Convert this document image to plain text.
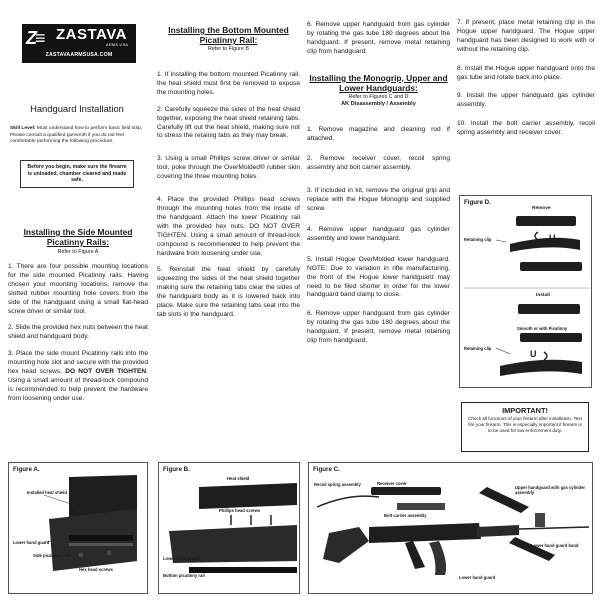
Z≡ ZASTAVA
ARMS USA
ZASTAVAARMSUSA.COM
Handguard Installation
Skill Level: Must understand how to perform basic field strip. Please consult a qualified gunsmith if you do not feel comfortable performing the following procedure.
Before you begin, make sure the firearm is unloaded, chamber cleared and made safe.
Installing the Side Mounted Picatinny Rails:
Refer to Figure A
1. There are four possible mounting locations for the side mounted Picatinny rails. Having chosen your mounting locations, remove the slotted rubber mounting hole covers from the side of the handguard using a small flat-head screw driver or similar tool.
2. Slide the provided hex nuts between the heat shield and handguard body.
3. Place the side mount Picatinny rails into the mounting hole slot and secure with the provided hex head screws. DO NOT OVER TIGHTEN. Using a small amount of thread-lock compound is recommended to help prevent the hardware from loosening under use.
Installing the Bottom Mounted Picatinny Rail:
Refer to Figure B
1. If installing the bottom mounted Picatinny rail, the heat shield must first be removed to expose the mounting holes.
2. Carefully squeeze the sides of the heat shield together, exposing the heat shield retaining tabs. Carefully lift out the heat shield, making sure not to stress the retainig tabs as they may break.
3. Using a small Phillips screw driver or similar tool, poke through the OverMolded® rubber skin covering the three mounting holes.
4. Place the provided Phillips head screws through the mounting holes from the inside of the handguard. Attach the lower Picatinny rail with the provided hex nuts. DO NOT OVER TIGHTEN. Using a small amount of thread-lock compound is recommended to help prevent the hardware from loosening under use.
5. Reinstall the heat shield by carefully squeezing the sides of the heat shield together making sure the retaining tabs clear the sides of the handguard body as it is lowered back into place. Make sure the retaining tabs seat into the tab slots in the handguard.
6. Remove upper handguard from gas cylinder by rotating the gas tube 180 degrees about the handguard. If present, remove metal retaining clip from handguard.
Installing the Monogrip, Upper and Lower Handguards:
Refer to Figures C and D
AK Disassembly / Assembly
1. Remove magazine and cleaning rod if attached.
2. Remove receiver cover, recoil spring assembly and bolt carrier assembly.
3. If included in kit, remove the original grip and replace with the Hogue Monogrip and supplied screw.
4. Remove upper handguard gas cylinder assembly and lower handguard.
5. Install Hogue OverMolded lower handguard. NOTE: Due to variation in rifle manufacturing, the front of the Hogue lower handguard may need to be filed shorter in order for the lower handguard band clamp to close.
6. Remove upper handguard from gas cylinder by rotating the gas tube 180 degrees about the handguard. If present, remove metal retaining clip from handguard.
7. If present, place metal retaining clip in the Hogue upper handguard. The Hogue upper handguard has been designed to work with or without the retaining clip.
8. Install the Hogue upper handguard onto the gas tube and rotate back into place.
9. Install the upper handguard gas cylinder assembly.
10. Install the bolt carrier assembly, recoil spring assembly and receiver cover.
IMPORTANT!
Check all functions of your firearm after installation. Test fire your firearm. This is especially important if firearm is to be used for law enforcement duty.
Figure D.
Remove
Retaining clip
Install
Smooth or with Picatinny
Retaining clip
U
U
Figure A.
Installed heat shield
Lower hand guard
Side picatinny rails
Hex head screws
Figure B.
Heat shield
Phillips head screws
Lower hand guard
Bottom picatinny rail
Figure C.
Recoil spring assembly	Receiver cover
Bolt carrier assembly
Upper handguard with gas cylinder assembly
Lower hand guard band clamp
Lower hand guard
